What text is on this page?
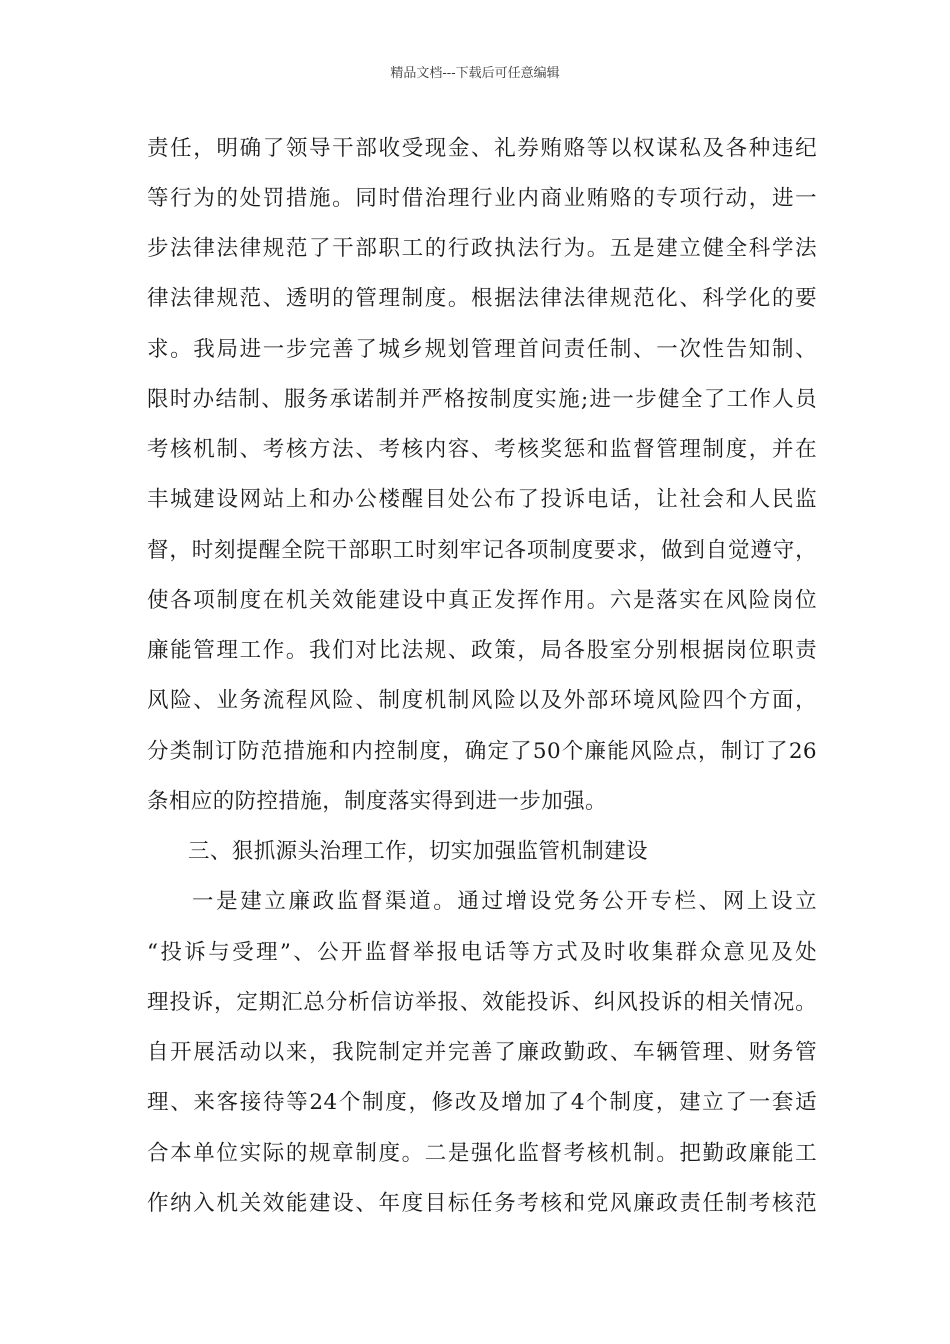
精品文档---下载后可任意编辑
责任，明确了领导干部收受现金、礼券贿赂等以权谋私及各种违纪
等行为的处罚措施。同时借治理行业内商业贿赂的专项行动，进一
步法律法律规范了干部职工的行政执法行为。五是建立健全科学法
律法律规范、透明的管理制度。根据法律法律规范化、科学化的要
求。我局进一步完善了城乡规划管理首问责任制、一次性告知制、
限时办结制、服务承诺制并严格按制度实施;进一步健全了工作人员
考核机制、考核方法、考核内容、考核奖惩和监督管理制度，并在
丰城建设网站上和办公楼醒目处公布了投诉电话，让社会和人民监
督，时刻提醒全院干部职工时刻牢记各项制度要求，做到自觉遵守，
使各项制度在机关效能建设中真正发挥作用。六是落实在风险岗位
廉能管理工作。我们对比法规、政策，局各股室分别根据岗位职责
风险、业务流程风险、制度机制风险以及外部环境风险四个方面，
分类制订防范措施和内控制度，确定了50个廉能风险点，制订了26
条相应的防控措施，制度落实得到进一步加强。
三、狠抓源头治理工作，切实加强监管机制建设
一是建立廉政监督渠道。通过增设党务公开专栏、网上设立
“投诉与受理”、公开监督举报电话等方式及时收集群众意见及处
理投诉，定期汇总分析信访举报、效能投诉、纠风投诉的相关情况。
自开展活动以来，我院制定并完善了廉政勤政、车辆管理、财务管
理、来客接待等24个制度，修改及增加了4个制度，建立了一套适
合本单位实际的规章制度。二是强化监督考核机制。把勤政廉能工
作纳入机关效能建设、年度目标任务考核和党风廉政责任制考核范
